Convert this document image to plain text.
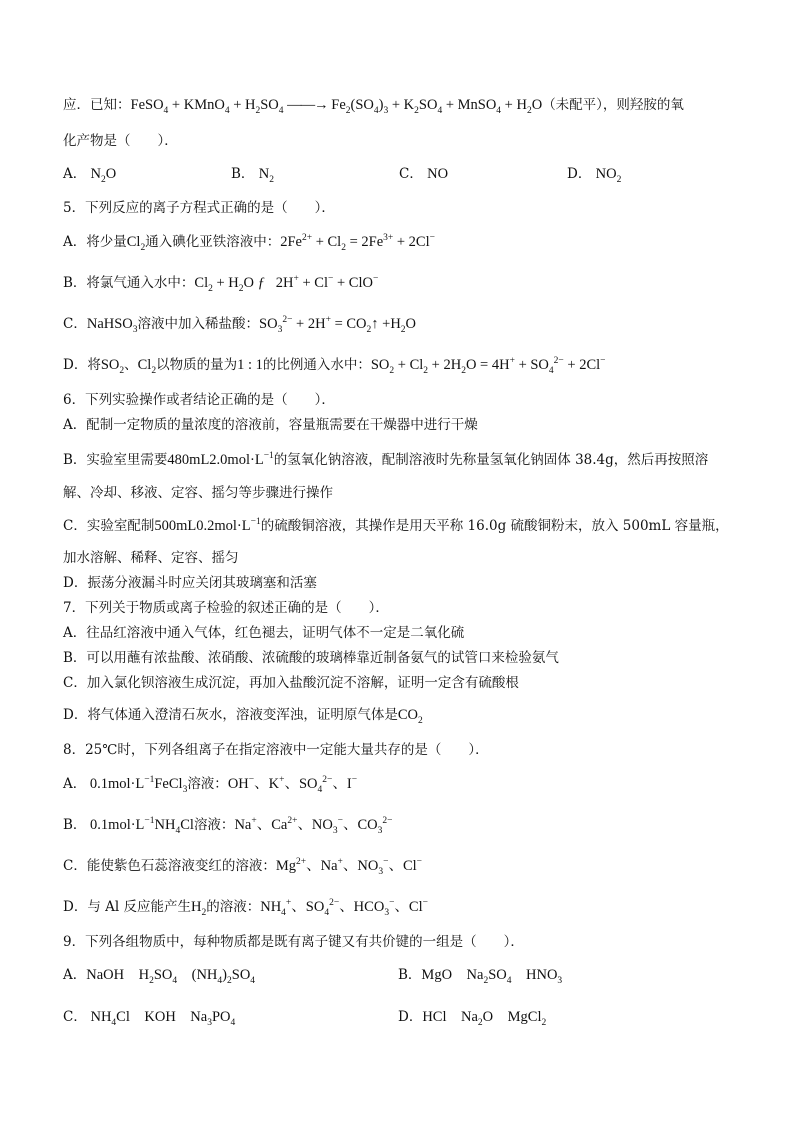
应．已知：FeSO$_4$ + KMnO$_4$ + $H_2SO_4$ ——→ $Fe_2(SO_4)_3 + K_2SO_4$ + MnSO$_4$ + $H_2O$（未配平），则羟胺的氧
化产物是（　　）．
A． $N_2O$	B． $N_2$	C． NO	D． $NO_2$
5．下列反应的离子方程式正确的是（　　）．
A．将少量$Cl_2$通入碘化亚铁溶液中：$2Fe^{2+} + Cl_2 = 2Fe^{3+} + 2Cl^-$
B．将氯气通入水中：$Cl_2 + H_2O$ ƒ   2H+ + Cl− + ClO−
C．NaHSO$_3$溶液中加入稀盐酸：$SO_3^{2-} + 2H^+$ = $CO_2↑ +H_2O$
D．将$SO_2$、$Cl_2$以物质的量为1 : 1的比例通入水中：$SO_2 + Cl_2 + 2H_2O = 4H^+ + SO_4^{2-} + 2Cl^-$
6．下列实验操作或者结论正确的是（　　）．
A．配制一定物质的量浓度的溶液前，容量瓶需要在干燥器中进行干燥
B．实验室里需要$480mL2.0mol\cdot L^{-1}$的氢氧化钠溶液，配制溶液时先称量氢氧化钠固体 38.4g，然后再按照溶
解、冷却、移液、定容、摇匀等步骤进行操作
C．实验室配制$500mL0.2mol\cdot L^{-1}$的硫酸铜溶液，其操作是用天平称 16.0g 硫酸铜粉末，放入 500mL 容量瓶，
加水溶解、稀释、定容、摇匀
D．振荡分液漏斗时应关闭其玻璃塞和活塞
7．下列关于物质或离子检验的叙述正确的是（　　）．
A．往品红溶液中通入气体，红色褪去，证明气体不一定是二氧化硫
B．可以用蘸有浓盐酸、浓硝酸、浓硫酸的玻璃棒靠近制备氨气的试管口来检验氨气
C．加入氯化钡溶液生成沉淀，再加入盐酸沉淀不溶解，证明一定含有硫酸根
D．将气体通入澄清石灰水，溶液变浑浊，证明原气体是$CO_2$
8．25℃时，下列各组离子在指定溶液中一定能大量共存的是（　　）．
A． $0.1mol\cdot L^{-1}FeCl_3$溶液：OH−、K+、$SO_4^{2-}$、I−
B． $0.1mol\cdot L^{-1}NH_4Cl$溶液：Na+、$Ca^{2+}$、$NO_3^-$、$CO_3^{2-}$
C．能使紫色石蕊溶液变红的溶液：$Mg^{2+}$、Na+、$NO_3^-$、Cl−
D．与 Al 反应能产生$H_2$的溶液：$NH_4^+$、$SO_4^{2-}$、$HCO_3^-$、Cl−
9．下列各组物质中，每种物质都是既有离子键又有共价键的一组是（　　）．
A．NaOH    $H_2SO_4$    $(NH_4)_2SO_4$	B．MgO    $Na_2SO_4$    $HNO_3$
C． $NH_4Cl$    KOH    $Na_3PO_4$	D．HCl    $Na_2O$    MgCl$_2$
